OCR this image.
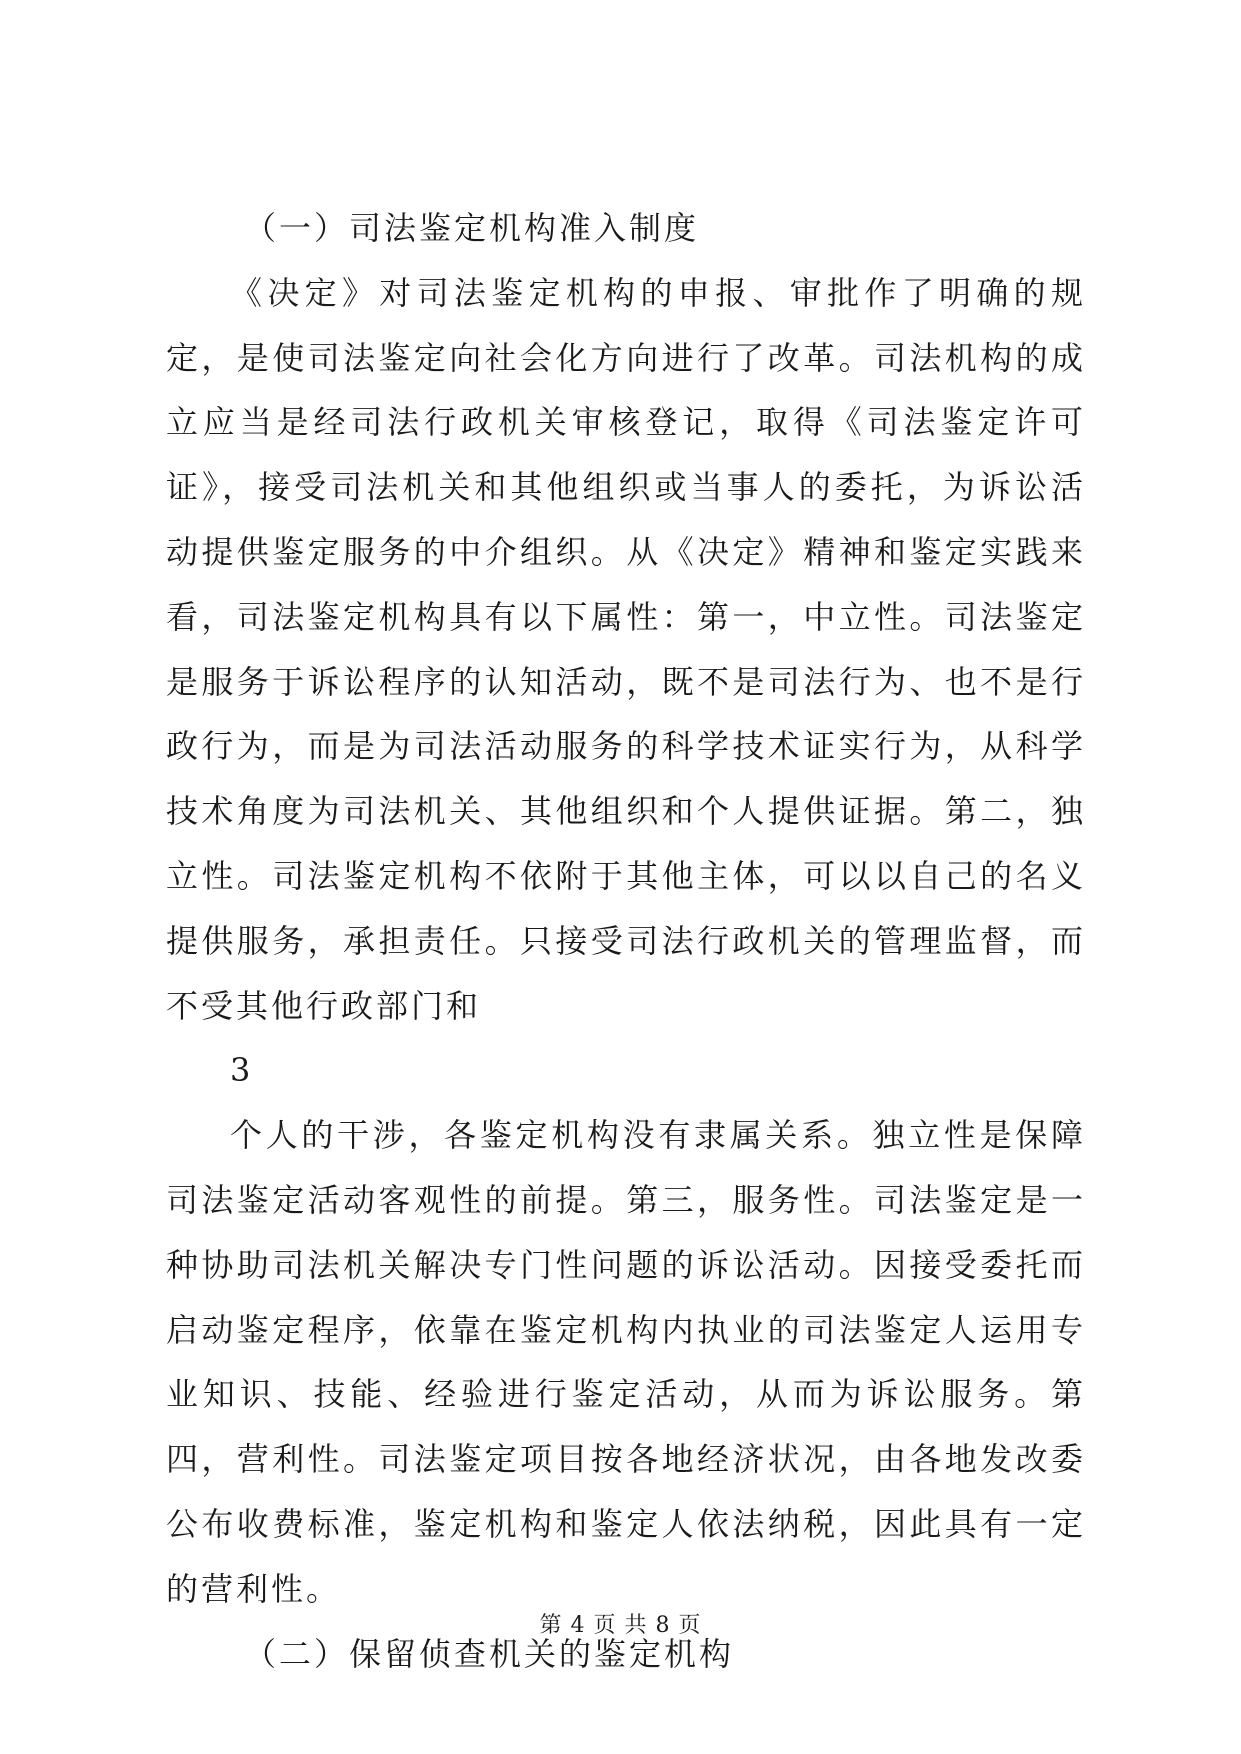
（一）司法鉴定机构准入制度

《决定》对司法鉴定机构的申报、审批作了明确的规定，是使司法鉴定向社会化方向进行了改革。司法机构的成立应当是经司法行政机关审核登记，取得《司法鉴定许可证》，接受司法机关和其他组织或当事人的委托，为诉讼活动提供鉴定服务的中介组织。从《决定》精神和鉴定实践来看，司法鉴定机构具有以下属性：第一，中立性。司法鉴定是服务于诉讼程序的认知活动，既不是司法行为、也不是行政行为，而是为司法活动服务的科学技术证实行为，从科学技术角度为司法机关、其他组织和个人提供证据。第二，独立性。司法鉴定机构不依附于其他主体，可以以自己的名义提供服务，承担责任。只接受司法行政机关的管理监督，而不受其他行政部门和

3

个人的干涉，各鉴定机构没有隶属关系。独立性是保障司法鉴定活动客观性的前提。第三，服务性。司法鉴定是一种协助司法机关解决专门性问题的诉讼活动。因接受委托而启动鉴定程序，依靠在鉴定机构内执业的司法鉴定人运用专业知识、技能、经验进行鉴定活动，从而为诉讼服务。第四，营利性。司法鉴定项目按各地经济状况，由各地发改委公布收费标准，鉴定机构和鉴定人依法纳税，因此具有一定的营利性。

（二）保留侦查机关的鉴定机构

第 4 页 共 8 页
